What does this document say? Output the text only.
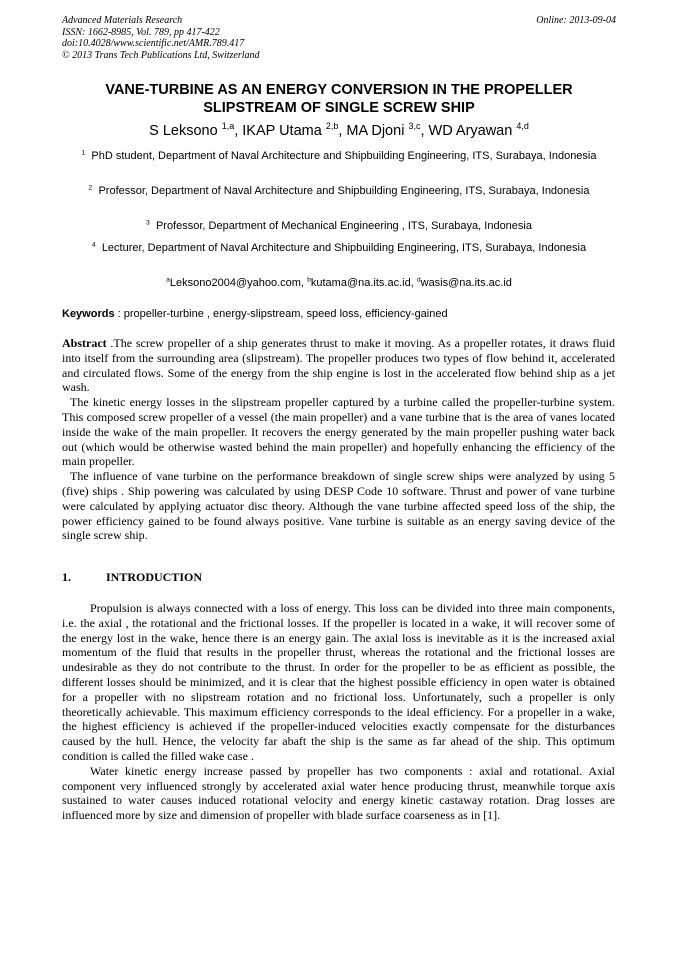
Advanced Materials Research
ISSN: 1662-8985, Vol. 789, pp 417-422
doi:10.4028/www.scientific.net/AMR.789.417
© 2013 Trans Tech Publications Ltd, Switzerland
Online: 2013-09-04
VANE-TURBINE AS AN ENERGY CONVERSION IN THE PROPELLER
SLIPSTREAM OF SINGLE SCREW SHIP
S Leksono $^{1,a}$, IKAP Utama $^{2,b}$, MA Djoni $^{3,c}$, WD Aryawan $^{4,d}$
$^1$ PhD student, Department of Naval Architecture and Shipbuilding Engineering, ITS, Surabaya, Indonesia
$^2$ Professor, Department of Naval Architecture and Shipbuilding Engineering, ITS, Surabaya, Indonesia
$^3$ Professor, Department of Mechanical Engineering , ITS, Surabaya, Indonesia
$^4$ Lecturer, Department of Naval Architecture and Shipbuilding Engineering, ITS, Surabaya, Indonesia
$^a$Leksono2004@yahoo.com, $^b$kutama@na.its.ac.id, $^d$wasis@na.its.ac.id
Keywords : propeller-turbine , energy-slipstream, speed loss, efficiency-gained

Abstract .The screw propeller of a ship generates thrust to make it moving. As a propeller rotates, it draws fluid into itself from the surrounding area (slipstream). The propeller produces two types of flow behind it, accelerated and circulated flows. Some of the energy from the ship engine is lost in the accelerated flow behind ship as a jet wash.

The kinetic energy losses in the slipstream propeller captured by a turbine called the propeller-turbine system. This composed screw propeller of a vessel (the main propeller) and a vane turbine that is the area of vanes located inside the wake of the main propeller. It recovers the energy generated by the main propeller pushing water back out (which would be otherwise wasted behind the main propeller) and hopefully enhancing the efficiency of the main propeller.

The influence of vane turbine on the performance breakdown of single screw ships were analyzed by using 5 (five) ships . Ship powering was calculated by using DESP Code 10 software. Thrust and power of vane turbine were calculated by applying actuator disc theory. Although the vane turbine affected speed loss of the ship, the power efficiency gained to be found always positive. Vane turbine is suitable as an energy saving device of the single screw ship.

1.	INTRODUCTION

Propulsion is always connected with a loss of energy. This loss can be divided into three main components, i.e. the axial , the rotational and the frictional losses. If the propeller is located in a wake, it will recover some of the energy lost in the wake, hence there is an energy gain. The axial loss is inevitable as it is the increased axial momentum of the fluid that results in the propeller thrust, whereas the rotational and the frictional losses are undesirable as they do not contribute to the thrust. In order for the propeller to be as efficient as possible, the different losses should be minimized, and it is clear that the highest possible efficiency in open water is obtained for a propeller with no slipstream rotation and no frictional loss. Unfortunately, such a propeller is only theoretically achievable. This maximum efficiency corresponds to the ideal efficiency. For a propeller in a wake, the highest efficiency is achieved if the propeller-induced velocities exactly compensate for the disturbances caused by the hull. Hence, the velocity far abaft the ship is the same as far ahead of the ship. This optimum condition is called the filled wake case .

Water kinetic energy increase passed by propeller has two components : axial and rotational. Axial component very influenced strongly by accelerated axial water hence producing thrust, meanwhile torque axis sustained to water causes induced rotational velocity and energy kinetic castaway rotation. Drag losses are influenced more by size and dimension of propeller with blade surface coarseness as in [1].
